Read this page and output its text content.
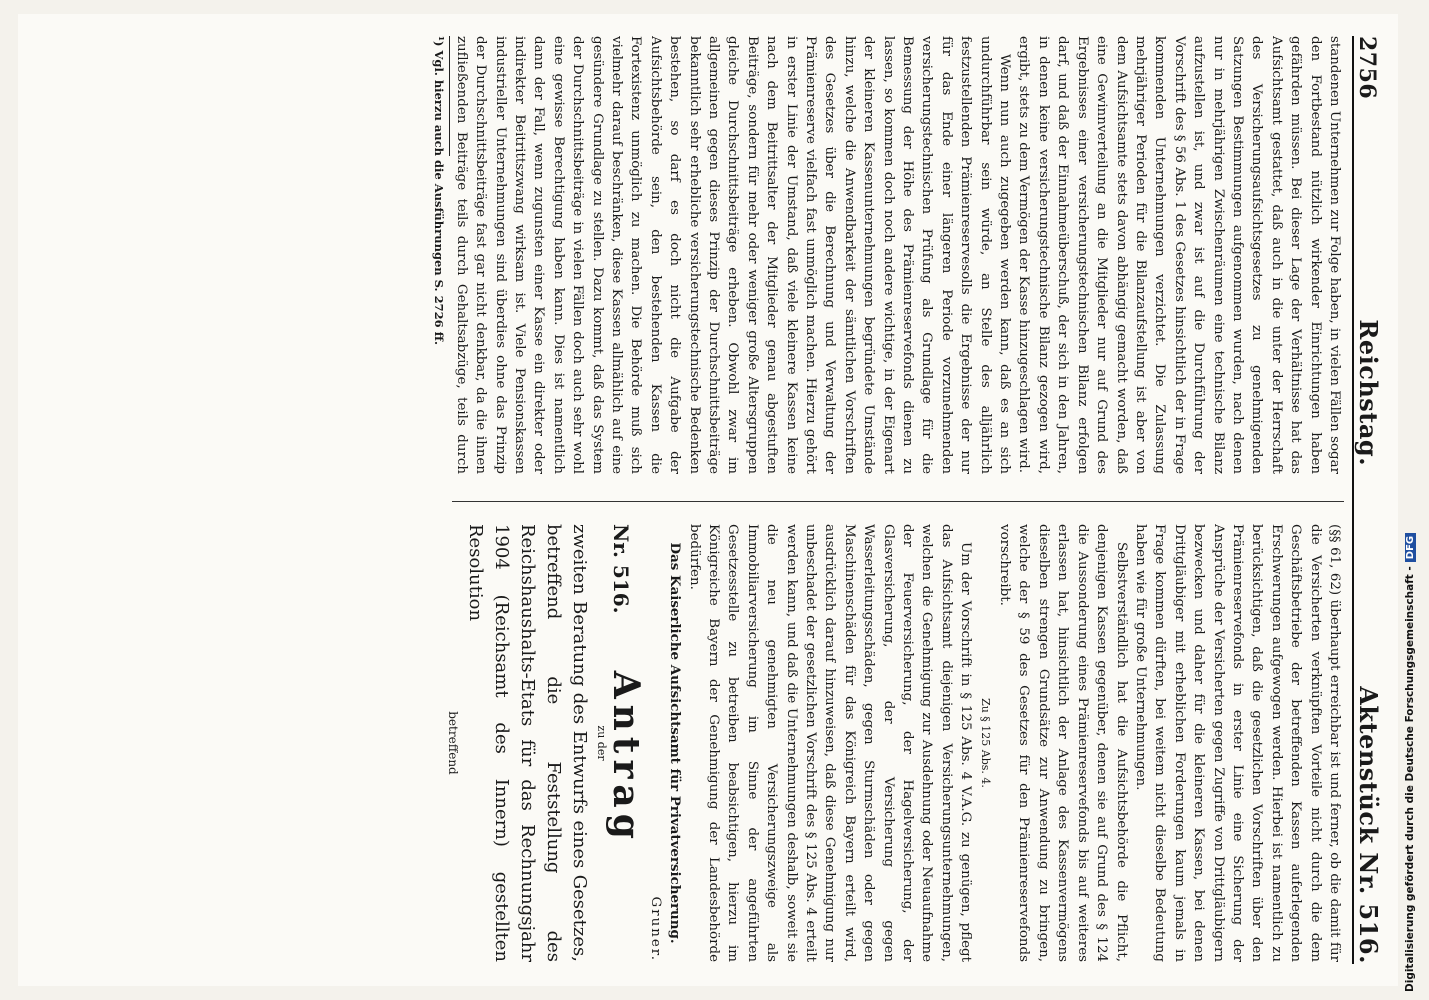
2756
Reichstag.
Aktenstück Nr. 516.

standenen Unternehmen zur Folge haben, in vielen Fällen sogar den Fortbestand nützlich wirkender Einrichtungen haben gefährden müssen. Bei dieser Lage der Verhältnisse hat das Aufsichtsamt gestattet, daß auch in die unter der Herrschaft des Versicherungsaufsichtsgesetzes zu genehmigenden Satzungen Bestimmungen aufgenommen wurden, nach denen nur in mehrjährigen Zwischenräumen eine technische Bilanz aufzustellen ist, und zwar ist auf die Durchführung der Vorschrift des § 56 Abs. 1 des Gesetzes hinsichtlich der in Frage kommenden Unternehmungen verzichtet. Die Zulassung mehrjähriger Perioden für die Bilanzaufstellung ist aber von dem Aufsichtsamte stets davon abhängig gemacht worden, daß eine Gewinnverteilung an die Mitglieder nur auf Grund des Ergebnisses einer versicherungstechnischen Bilanz erfolgen darf, und daß der Einnahmeüberschuß, der sich in den Jahren, in denen keine versicherungstechnische Bilanz gezogen wird, ergibt, stets zu dem Vermögen der Kasse hinzugeschlagen wird.

Wenn nun auch zugegeben werden kann, daß es an sich undurchführbar sein würde, an Stelle des alljährlich festzustellenden Prämienreservesolls die Ergebnisse der nur für das Ende einer längeren Periode vorzunehmenden versicherungstechnischen Prüfung als Grundlage für die Bemessung der Höhe des Prämienreservefonds dienen zu lassen, so kommen doch noch andere wichtige, in der Eigenart der kleineren Kassenunternehmungen begründete Umstände hinzu, welche die Anwendbarkeit der sämtlichen Vorschriften des Gesetzes über die Berechnung und Verwaltung der Prämienreserve vielfach fast unmöglich machen. Hierzu gehört in erster Linie der Umstand, daß viele kleinere Kassen keine nach dem Beitrittsalter der Mitglieder genau abgestuften Beiträge, sondern für mehr oder weniger große Altersgruppen gleiche Durchschnittsbeiträge erheben. Obwohl zwar im allgemeinen gegen dieses Prinzip der Durchschnittsbeiträge bekanntlich sehr erhebliche versicherungstechnische Bedenken bestehen, so darf es doch nicht die Aufgabe der Aufsichtsbehörde sein, den bestehenden Kassen die Fortexistenz unmöglich zu machen. Die Behörde muß sich vielmehr darauf beschränken, diese Kassen allmählich auf eine gesündere Grundlage zu stellen. Dazu kommt, daß das System der Durchschnittsbeiträge in vielen Fällen doch auch sehr wohl eine gewisse Berechtigung haben kann. Dies ist namentlich dann der Fall, wenn zugunsten einer Kasse ein direkter oder indirekter Beitrittszwang wirksam ist. Viele Pensionskassen industrieller Unternehmungen sind überdies ohne das Prinzip der Durchschnittsbeiträge fast gar nicht denkbar, da die ihnen zufließenden Beiträge teils durch Gehaltsabzüge, teils durch

¹) Vgl. hierzu auch die Ausführungen S. 2726 ff.

(§§ 61, 62) überhaupt erreichbar ist und ferner, ob die damit für die Versicherten verknüpften Vorteile nicht durch die dem Geschäftsbetriebe der betreffenden Kassen auferlegenden Erschwerungen aufgewogen werden. Hierbei ist namentlich zu berücksichtigen, daß die gesetzlichen Vorschriften über den Prämienreservefonds in erster Linie eine Sicherung der Ansprüche der Versicherten gegen Zugriffe von Drittgläubigern bezwecken und daher für die kleineren Kassen, bei denen Drittgläubiger mit erheblichen Forderungen kaum jemals in Frage kommen dürften, bei weitem nicht dieselbe Bedeutung haben wie für große Unternehmungen.

Selbstverständlich hat die Aufsichtsbehörde die Pflicht, denjenigen Kassen gegenüber, denen sie auf Grund des § 124 die Aussonderung eines Prämienreservefonds bis auf weiteres erlassen hat, hinsichtlich der Anlage des Kassenvermögens dieselben strengen Grundsätze zur Anwendung zu bringen, welche der § 59 des Gesetzes für den Prämienreservefonds vorschreibt.

Zu § 125 Abs. 4.

Um der Vorschrift in § 125 Abs. 4 V.A.G. zu genügen, pflegt das Aufsichtsamt diejenigen Versicherungsunternehmungen, welchen die Genehmigung zur Ausdehnung oder Neuaufnahme der Feuerversicherung, der Hagelversicherung, der Glasversicherung, der Versicherung gegen Wasserleitungsschäden, gegen Sturmschäden oder gegen Maschinenschäden für das Königreich Bayern erteilt wird, ausdrücklich darauf hinzuweisen, daß diese Genehmigung nur unbeschadet der gesetzlichen Vorschrift des § 125 Abs. 4 erteilt werden kann, und daß die Unternehmungen deshalb, soweit sie die neu genehmigten Versicherungszweige als Immobiliarversicherung im Sinne der angeführten Gesetzesstelle zu betreiben beabsichtigen, hierzu im Königreiche Bayern der Genehmigung der Landesbehörde bedürfen.

Das Kaiserliche Aufsichtsamt für Privatversicherung.

Gruner.

Nr. 516.
Antrag

zu der

zweiten Beratung des Entwurfs eines Gesetzes, betreffend die Feststellung des Reichshaushalts-Etats für das Rechnungsjahr 1904 (Reichsamt des Innern) gestellten Resolution

betreffend	Digitalisierung gefördert durch die Deutsche Forschungsgemeinschaft -DFG
